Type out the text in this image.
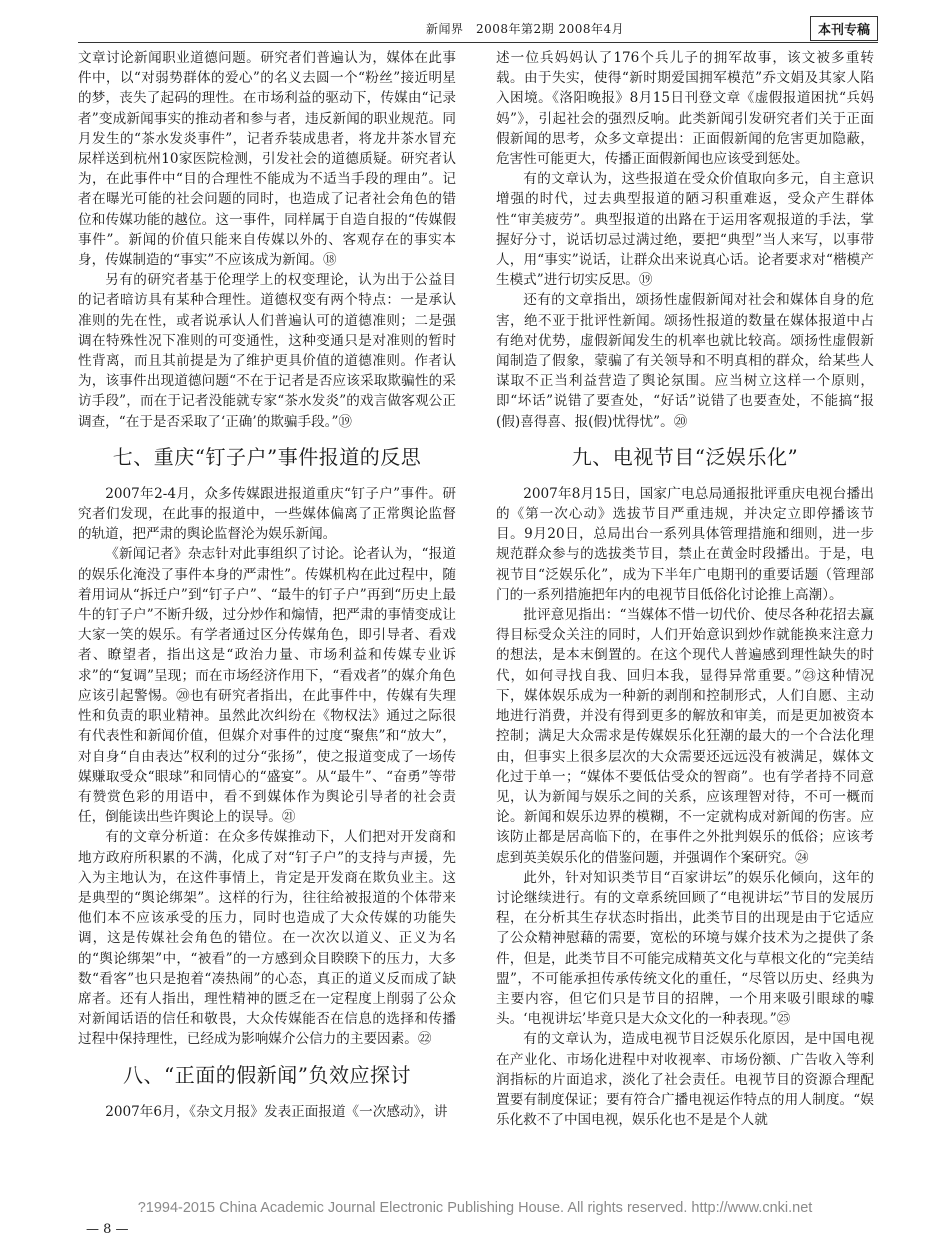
新闻界　2008年第2期 2008年4月	本刊专稿

文章讨论新闻职业道德问题。研究者们普遍认为，媒体在此事件中，以“对弱势群体的爱心”的名义去圆一个“粉丝”接近明星的梦，丧失了起码的理性。在市场利益的驱动下，传媒由“记录者”变成新闻事实的推动者和参与者，违反新闻的职业规范。同月发生的“茶水发炎事件”，记者乔装成患者，将龙井茶水冒充尿样送到杭州10家医院检测，引发社会的道德质疑。研究者认为，在此事件中“目的合理性不能成为不适当手段的理由”。记者在曝光可能的社会问题的同时，也造成了记者社会角色的错位和传媒功能的越位。这一事件，同样属于自造自报的“传媒假事件”。新闻的价值只能来自传媒以外的、客观存在的事实本身，传媒制造的“事实”不应该成为新闻。⑱

另有的研究者基于伦理学上的权变理论，认为出于公益目的记者暗访具有某种合理性。道德权变有两个特点：一是承认准则的先在性，或者说承认人们普遍认可的道德准则；二是强调在特殊性况下准则的可变通性，这种变通只是对准则的暂时性背离，而且其前提是为了维护更具价值的道德准则。作者认为，该事件出现道德问题“不在于记者是否应该采取欺骗性的采访手段”，而在于记者没能就专家“茶水发炎”的戏言做客观公正调查，“在于是否采取了‘正确’的欺骗手段。”⑲

七、重庆“钉子户”事件报道的反思

2007年2-4月，众多传媒跟进报道重庆“钉子户”事件。研究者们发现，在此事的报道中，一些媒体偏离了正常舆论监督的轨道，把严肃的舆论监督沦为娱乐新闻。

《新闻记者》杂志针对此事组织了讨论。论者认为，“报道的娱乐化淹没了事件本身的严肃性”。传媒机构在此过程中，随着用词从“拆迁户”到“钉子户”、“最牛的钉子户”再到“历史上最牛的钉子户”不断升级，过分炒作和煽情，把严肃的事情变成让大家一笑的娱乐。有学者通过区分传媒角色，即引导者、看戏者、瞭望者，指出这是“政治力量、市场利益和传媒专业诉求”的“复调”呈现；而在市场经济作用下，“看戏者”的媒介角色应该引起警惕。⑳也有研究者指出，在此事件中，传媒有失理性和负责的职业精神。虽然此次纠纷在《物权法》通过之际很有代表性和新闻价值，但媒介对事件的过度“聚焦”和“放大”，对自身“自由表达”权利的过分“张扬”，使之报道变成了一场传媒赚取受众“眼球”和同情心的“盛宴”。从“最牛”、“奋勇”等带有赞赏色彩的用语中，看不到媒体作为舆论引导者的社会责任，倒能读出些许舆论上的误导。㉑

有的文章分析道：在众多传媒推动下，人们把对开发商和地方政府所积累的不满，化成了对“钉子户”的支持与声援，先入为主地认为，在这件事情上，肯定是开发商在欺负业主。这是典型的“舆论绑架”。这样的行为，往往给被报道的个体带来他们本不应该承受的压力，同时也造成了大众传媒的功能失调，这是传媒社会角色的错位。在一次次以道义、正义为名的“舆论绑架”中，“被看”的一方感到众目睽睽下的压力，大多数“看客”也只是抱着“凑热闹”的心态，真正的道义反而成了缺席者。还有人指出，理性精神的匮乏在一定程度上削弱了公众对新闻话语的信任和敬畏，大众传媒能否在信息的选择和传播过程中保持理性，已经成为影响媒介公信力的主要因素。㉒

八、“正面的假新闻”负效应探讨

2007年6月，《杂文月报》发表正面报道《一次感动》，讲

述一位兵妈妈认了176个兵儿子的拥军故事，该文被多重转载。由于失实，使得“新时期爱国拥军模范”乔文娟及其家人陷入困境。《洛阳晚报》8月15日刊登文章《虚假报道困扰“兵妈妈”》，引起社会的强烈反响。此类新闻引发研究者们关于正面假新闻的思考，众多文章提出：正面假新闻的危害更加隐蔽，危害性可能更大，传播正面假新闻也应该受到惩处。

有的文章认为，这些报道在受众价值取向多元，自主意识增强的时代，过去典型报道的陋习积重难返，受众产生群体性“审美疲劳”。典型报道的出路在于运用客观报道的手法，掌握好分寸，说话切忌过满过绝，要把“典型”当人来写，以事带人，用“事实”说话，让群众出来说真心话。论者要求对“楷模产生模式”进行切实反思。⑲

还有的文章指出，颂扬性虚假新闻对社会和媒体自身的危害，绝不亚于批评性新闻。颂扬性报道的数量在媒体报道中占有绝对优势，虚假新闻发生的机率也就比较高。颂扬性虚假新闻制造了假象，蒙骗了有关领导和不明真相的群众，给某些人谋取不正当利益营造了舆论氛围。应当树立这样一个原则，即“坏话”说错了要查处，“好话”说错了也要查处，不能搞“报(假)喜得喜、报(假)忧得忧”。⑳

九、电视节目“泛娱乐化”

2007年8月15日，国家广电总局通报批评重庆电视台播出的《第一次心动》选拔节目严重违规，并决定立即停播该节目。9月20日，总局出台一系列具体管理措施和细则，进一步规范群众参与的选拔类节目，禁止在黄金时段播出。于是，电视节目“泛娱乐化”，成为下半年广电期刊的重要话题（管理部门的一系列措施把年内的电视节目低俗化讨论推上高潮）。

批评意见指出：“当媒体不惜一切代价、使尽各种花招去赢得目标受众关注的同时，人们开始意识到炒作就能换来注意力的想法，是本末倒置的。在这个现代人普遍感到理性缺失的时代，如何寻找自我、回归本我，显得异常重要。”㉓这种情况下，媒体娱乐成为一种新的剥削和控制形式，人们自愿、主动地进行消费，并没有得到更多的解放和审美，而是更加被资本控制；满足大众需求是传媒娱乐化狂潮的最大的一个合法化理由，但事实上很多层次的大众需要还远远没有被满足，媒体文化过于单一；“媒体不要低估受众的智商”。也有学者持不同意见，认为新闻与娱乐之间的关系，应该理智对待，不可一概而论。新闻和娱乐边界的模糊，不一定就构成对新闻的伤害。应该防止都是居高临下的，在事件之外批判娱乐的低俗；应该考虑到英美娱乐化的借鉴问题，并强调作个案研究。㉔

此外，针对知识类节目“百家讲坛”的娱乐化倾向，这年的讨论继续进行。有的文章系统回顾了“电视讲坛”节目的发展历程，在分析其生存状态时指出，此类节目的出现是由于它适应了公众精神慰藉的需要，宽松的环境与媒介技术为之提供了条件，但是，此类节目不可能完成精英文化与草根文化的“完美结盟”，不可能承担传承传统文化的重任，“尽管以历史、经典为主要内容，但它们只是节目的招牌，一个用来吸引眼球的噱头。‘电视讲坛’毕竟只是大众文化的一种表现。”㉕

有的文章认为，造成电视节目泛娱乐化原因，是中国电视在产业化、市场化进程中对收视率、市场份额、广告收入等利润指标的片面追求，淡化了社会责任。电视节目的资源合理配置要有制度保证；要有符合广播电视运作特点的用人制度。“娱乐化救不了中国电视，娱乐化也不是是个人就

?1994-2015 China Academic Journal Electronic Publishing House. All rights reserved. http://www.cnki.net
— 8 —
